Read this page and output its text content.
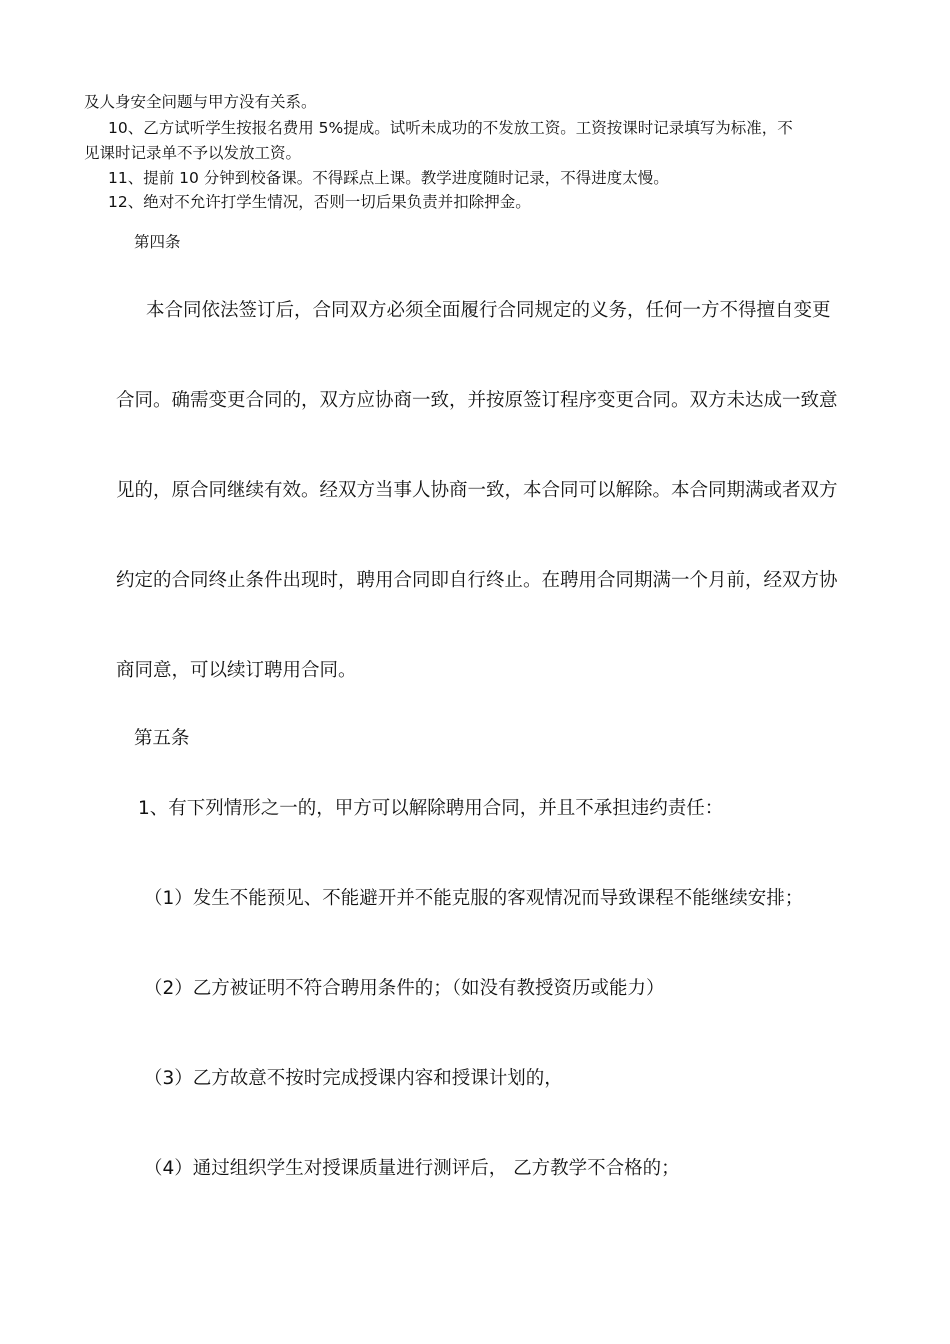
及人身安全问题与甲方没有关系。

10、乙方试听学生按报名费用 5%提成。试听未成功的不发放工资。工资按课时记录填写为标准，不

见课时记录单不予以发放工资。

11、提前 10 分钟到校备课。不得踩点上课。教学进度随时记录，不得进度太慢。

12、绝对不允许打学生情况，否则一切后果负责并扣除押金。

第四条

本合同依法签订后，合同双方必须全面履行合同规定的义务，任何一方不得擅自变更

合同。确需变更合同的，双方应协商一致，并按原签订程序变更合同。双方未达成一致意

见的，原合同继续有效。经双方当事人协商一致，本合同可以解除。本合同期满或者双方

约定的合同终止条件出现时，聘用合同即自行终止。在聘用合同期满一个月前，经双方协

商同意，可以续订聘用合同。

第五条

1、有下列情形之一的，甲方可以解除聘用合同，并且不承担违约责任：

（1）发生不能预见、不能避开并不能克服的客观情况而导致课程不能继续安排；

（2）乙方被证明不符合聘用条件的；（如没有教授资历或能力）

（3）乙方故意不按时完成授课内容和授课计划的，

（4）通过组织学生对授课质量进行测评后， 乙方教学不合格的；
